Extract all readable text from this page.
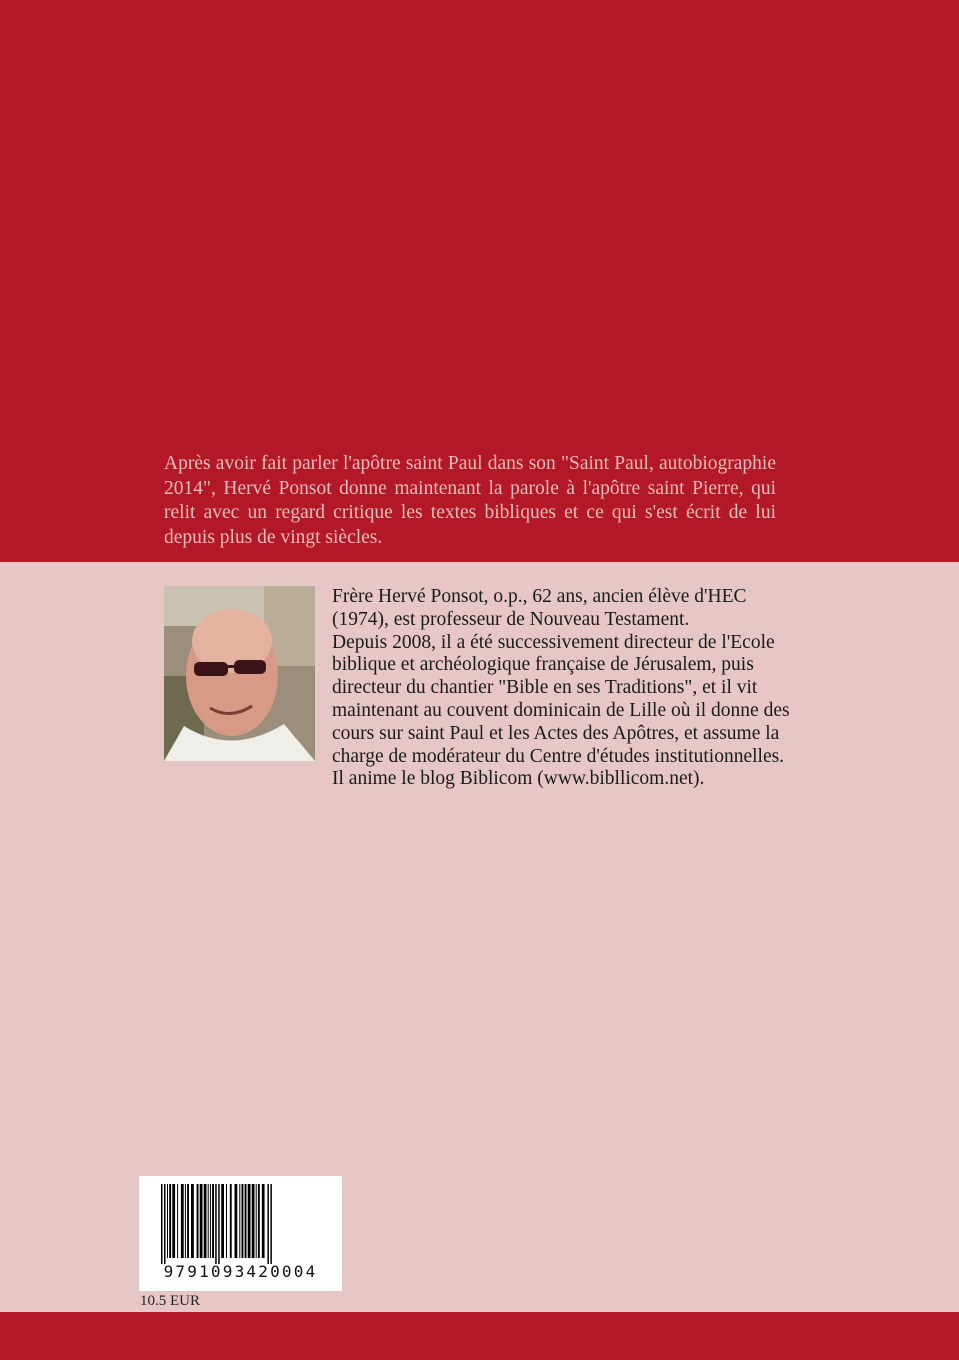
Après avoir fait parler l'apôtre saint Paul dans son "Saint Paul, autobiographie 2014", Hervé Ponsot donne maintenant la parole à l'apôtre saint Pierre, qui relit avec un regard critique les textes bibliques et ce qui s'est écrit de lui depuis plus de vingt siècles.

Frère Hervé Ponsot, o.p., 62 ans, ancien élève d'HEC (1974), est professeur de Nouveau Testament.

Depuis 2008, il a été successivement directeur de l'Ecole biblique et archéologique française de Jérusalem, puis directeur du chantier "Bible en ses Traditions", et il vit maintenant au couvent dominicain de Lille où il donne des cours sur saint Paul et les Actes des Apôtres, et assume la charge de modérateur du Centre d'études institutionnelles.

Il anime le blog Biblicom (www.bibllicom.net).

9791093420004
10.5 EUR
